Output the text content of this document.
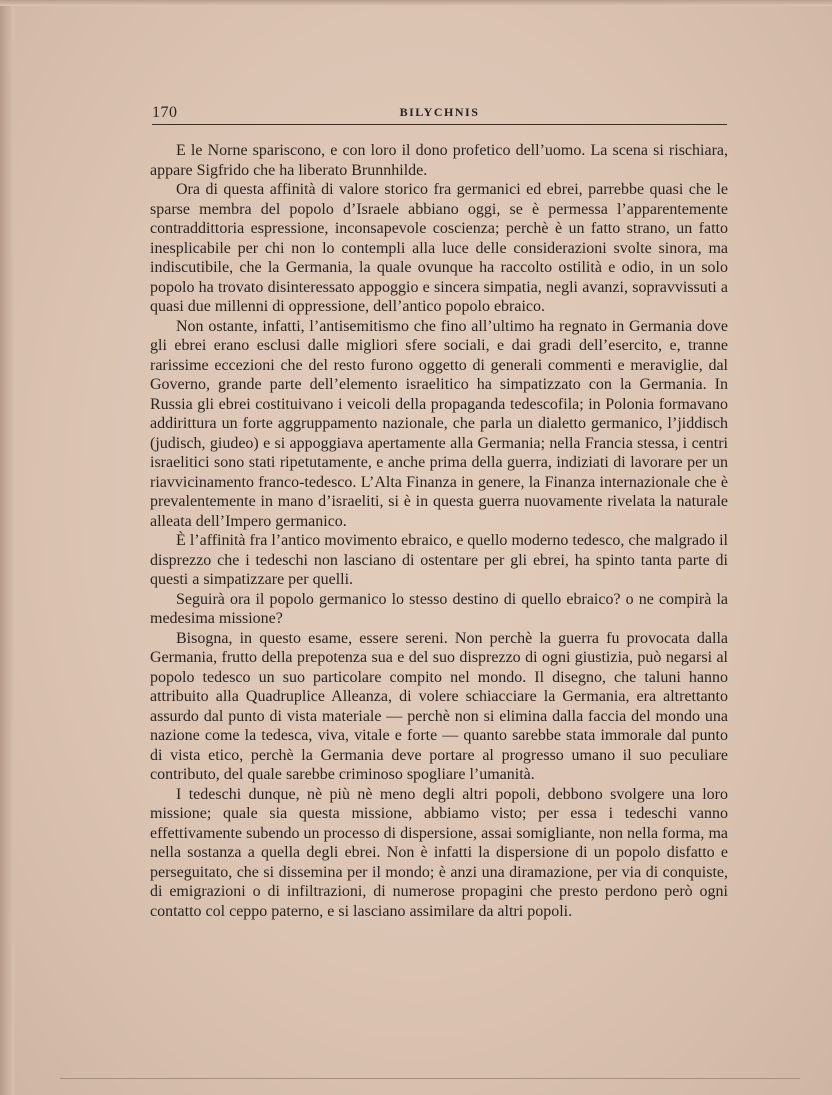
170	BILYCHNIS

E le Norne spariscono, e con loro il dono profetico dell’uomo. La scena si rischiara, appare Sigfrido che ha liberato Brunnhilde.

Ora di questa affinità di valore storico fra germanici ed ebrei, parrebbe quasi che le sparse membra del popolo d’Israele abbiano oggi, se è permessa l’apparentemente contraddittoria espressione, inconsapevole coscienza; perchè è un fatto strano, un fatto inesplicabile per chi non lo contempli alla luce delle considerazioni svolte sinora, ma indiscutibile, che la Germania, la quale ovunque ha raccolto ostilità e odio, in un solo popolo ha trovato disinteressato appoggio e sincera simpatia, negli avanzi, sopravvissuti a quasi due millenni di oppressione, dell’antico popolo ebraico.

Non ostante, infatti, l’antisemitismo che fino all’ultimo ha regnato in Germania dove gli ebrei erano esclusi dalle migliori sfere sociali, e dai gradi dell’esercito, e, tranne rarissime eccezioni che del resto furono oggetto di generali commenti e meraviglie, dal Governo, grande parte dell’elemento israelitico ha simpatizzato con la Germania. In Russia gli ebrei costituivano i veicoli della propaganda tedescofila; in Polonia formavano addirittura un forte aggruppamento nazionale, che parla un dialetto germanico, l’jiddisch (judisch, giudeo) e si appoggiava apertamente alla Germania; nella Francia stessa, i centri israelitici sono stati ripetutamente, e anche prima della guerra, indiziati di lavorare per un riavvicinamento franco-tedesco. L’Alta Finanza in genere, la Finanza internazionale che è prevalentemente in mano d’israeliti, si è in questa guerra nuovamente rivelata la naturale alleata dell’Impero germanico.

È l’affinità fra l’antico movimento ebraico, e quello moderno tedesco, che malgrado il disprezzo che i tedeschi non lasciano di ostentare per gli ebrei, ha spinto tanta parte di questi a simpatizzare per quelli.

Seguirà ora il popolo germanico lo stesso destino di quello ebraico? o ne compirà la medesima missione?

Bisogna, in questo esame, essere sereni. Non perchè la guerra fu provocata dalla Germania, frutto della prepotenza sua e del suo disprezzo di ogni giustizia, può negarsi al popolo tedesco un suo particolare compito nel mondo. Il disegno, che taluni hanno attribuito alla Quadruplice Alleanza, di volere schiacciare la Germania, era altrettanto assurdo dal punto di vista materiale — perchè non si elimina dalla faccia del mondo una nazione come la tedesca, viva, vitale e forte — quanto sarebbe stata immorale dal punto di vista etico, perchè la Germania deve portare al progresso umano il suo peculiare contributo, del quale sarebbe criminoso spogliare l’umanità.

I tedeschi dunque, nè più nè meno degli altri popoli, debbono svolgere una loro missione; quale sia questa missione, abbiamo visto; per essa i tedeschi vanno effettivamente subendo un processo di dispersione, assai somigliante, non nella forma, ma nella sostanza a quella degli ebrei. Non è infatti la dispersione di un popolo disfatto e perseguitato, che si dissemina per il mondo; è anzi una diramazione, per via di conquiste, di emigrazioni o di infiltrazioni, di numerose propagini che presto perdono però ogni contatto col ceppo paterno, e si lasciano assimilare da altri popoli.
